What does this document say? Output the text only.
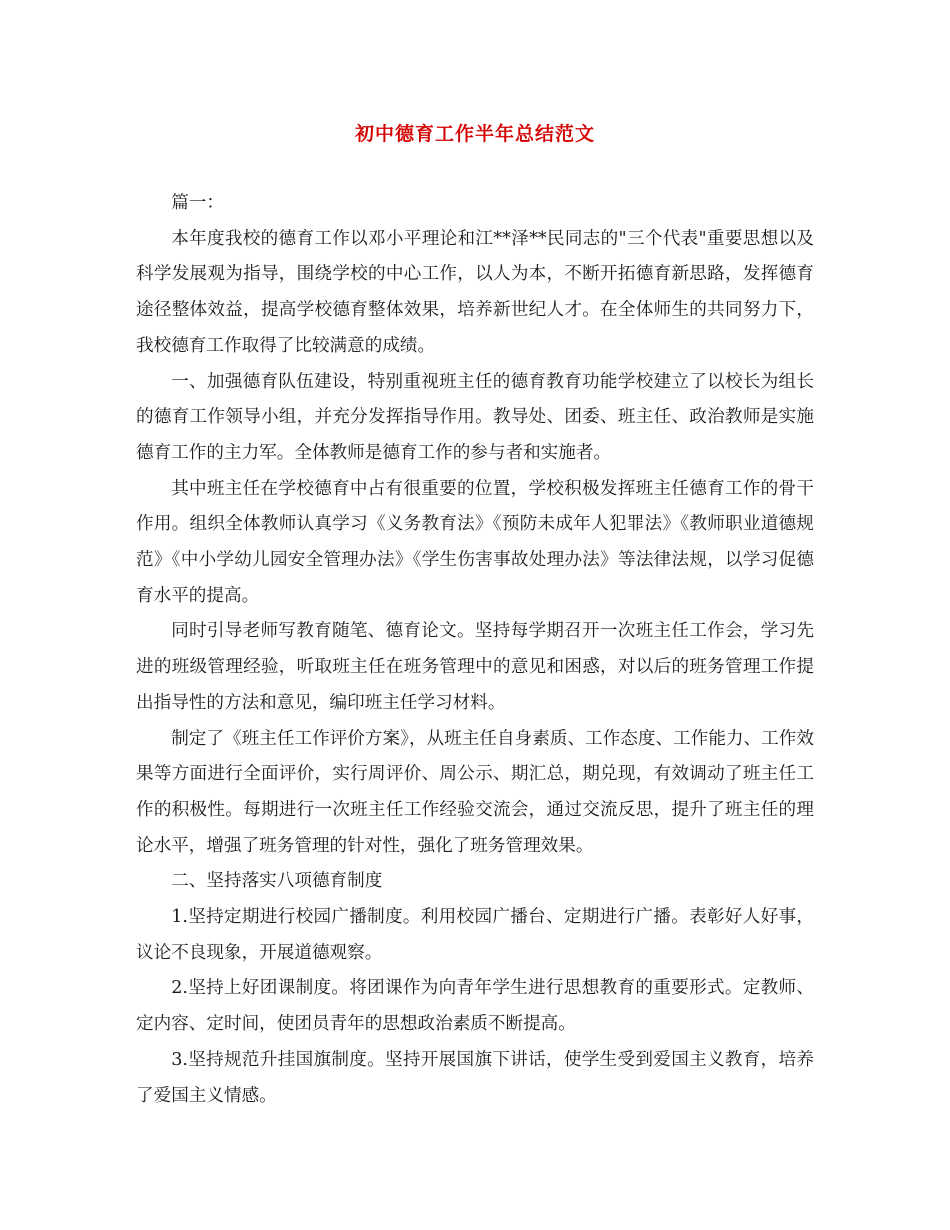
初中德育工作半年总结范文

篇一：

本年度我校的德育工作以邓小平理论和江**泽**民同志的"三个代表"重要思想以及科学发展观为指导，围绕学校的中心工作，以人为本，不断开拓德育新思路，发挥德育途径整体效益，提高学校德育整体效果，培养新世纪人才。在全体师生的共同努力下，我校德育工作取得了比较满意的成绩。

一、加强德育队伍建设，特别重视班主任的德育教育功能学校建立了以校长为组长的德育工作领导小组，并充分发挥指导作用。教导处、团委、班主任、政治教师是实施德育工作的主力军。全体教师是德育工作的参与者和实施者。

其中班主任在学校德育中占有很重要的位置，学校积极发挥班主任德育工作的骨干作用。组织全体教师认真学习《义务教育法》《预防未成年人犯罪法》《教师职业道德规范》《中小学幼儿园安全管理办法》《学生伤害事故处理办法》等法律法规，以学习促德育水平的提高。

同时引导老师写教育随笔、德育论文。坚持每学期召开一次班主任工作会，学习先进的班级管理经验，听取班主任在班务管理中的意见和困惑，对以后的班务管理工作提出指导性的方法和意见，编印班主任学习材料。

制定了《班主任工作评价方案》，从班主任自身素质、工作态度、工作能力、工作效果等方面进行全面评价，实行周评价、周公示、期汇总，期兑现，有效调动了班主任工作的积极性。每期进行一次班主任工作经验交流会，通过交流反思，提升了班主任的理论水平，增强了班务管理的针对性，强化了班务管理效果。

二、坚持落实八项德育制度

1.坚持定期进行校园广播制度。利用校园广播台、定期进行广播。表彰好人好事，议论不良现象，开展道德观察。

2.坚持上好团课制度。将团课作为向青年学生进行思想教育的重要形式。定教师、定内容、定时间，使团员青年的思想政治素质不断提高。

3.坚持规范升挂国旗制度。坚持开展国旗下讲话，使学生受到爱国主义教育，培养了爱国主义情感。
